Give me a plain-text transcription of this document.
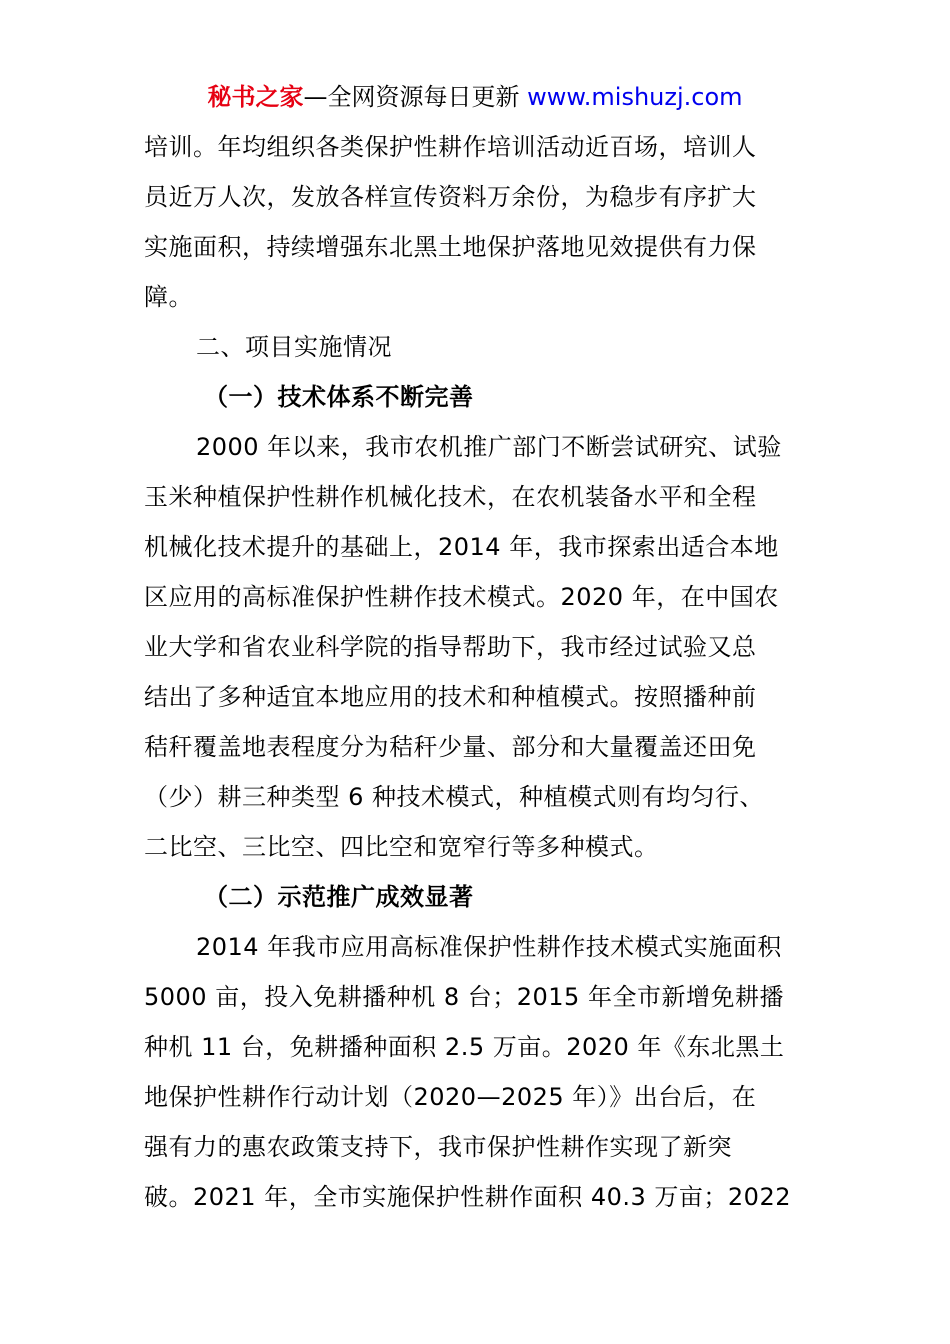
秘书之家—全网资源每日更新 www.mishuzj.com
培训。年均组织各类保护性耕作培训活动近百场，培训人
员近万人次，发放各样宣传资料万余份，为稳步有序扩大
实施面积，持续增强东北黑土地保护落地见效提供有力保
障。
二、项目实施情况
（一）技术体系不断完善
2000 年以来，我市农机推广部门不断尝试研究、试验
玉米种植保护性耕作机械化技术，在农机装备水平和全程
机械化技术提升的基础上，2014 年，我市探索出适合本地
区应用的高标准保护性耕作技术模式。2020 年，在中国农
业大学和省农业科学院的指导帮助下，我市经过试验又总
结出了多种适宜本地应用的技术和种植模式。按照播种前
秸秆覆盖地表程度分为秸秆少量、部分和大量覆盖还田免
（少）耕三种类型 6 种技术模式，种植模式则有均匀行、
二比空、三比空、四比空和宽窄行等多种模式。
（二）示范推广成效显著
2014 年我市应用高标准保护性耕作技术模式实施面积
5000 亩，投入免耕播种机 8 台；2015 年全市新增免耕播
种机 11 台，免耕播种面积 2.5 万亩。2020 年《东北黑土
地保护性耕作行动计划（2020—2025 年）》出台后，在
强有力的惠农政策支持下，我市保护性耕作实现了新突
破。2021 年，全市实施保护性耕作面积 40.3 万亩；2022
